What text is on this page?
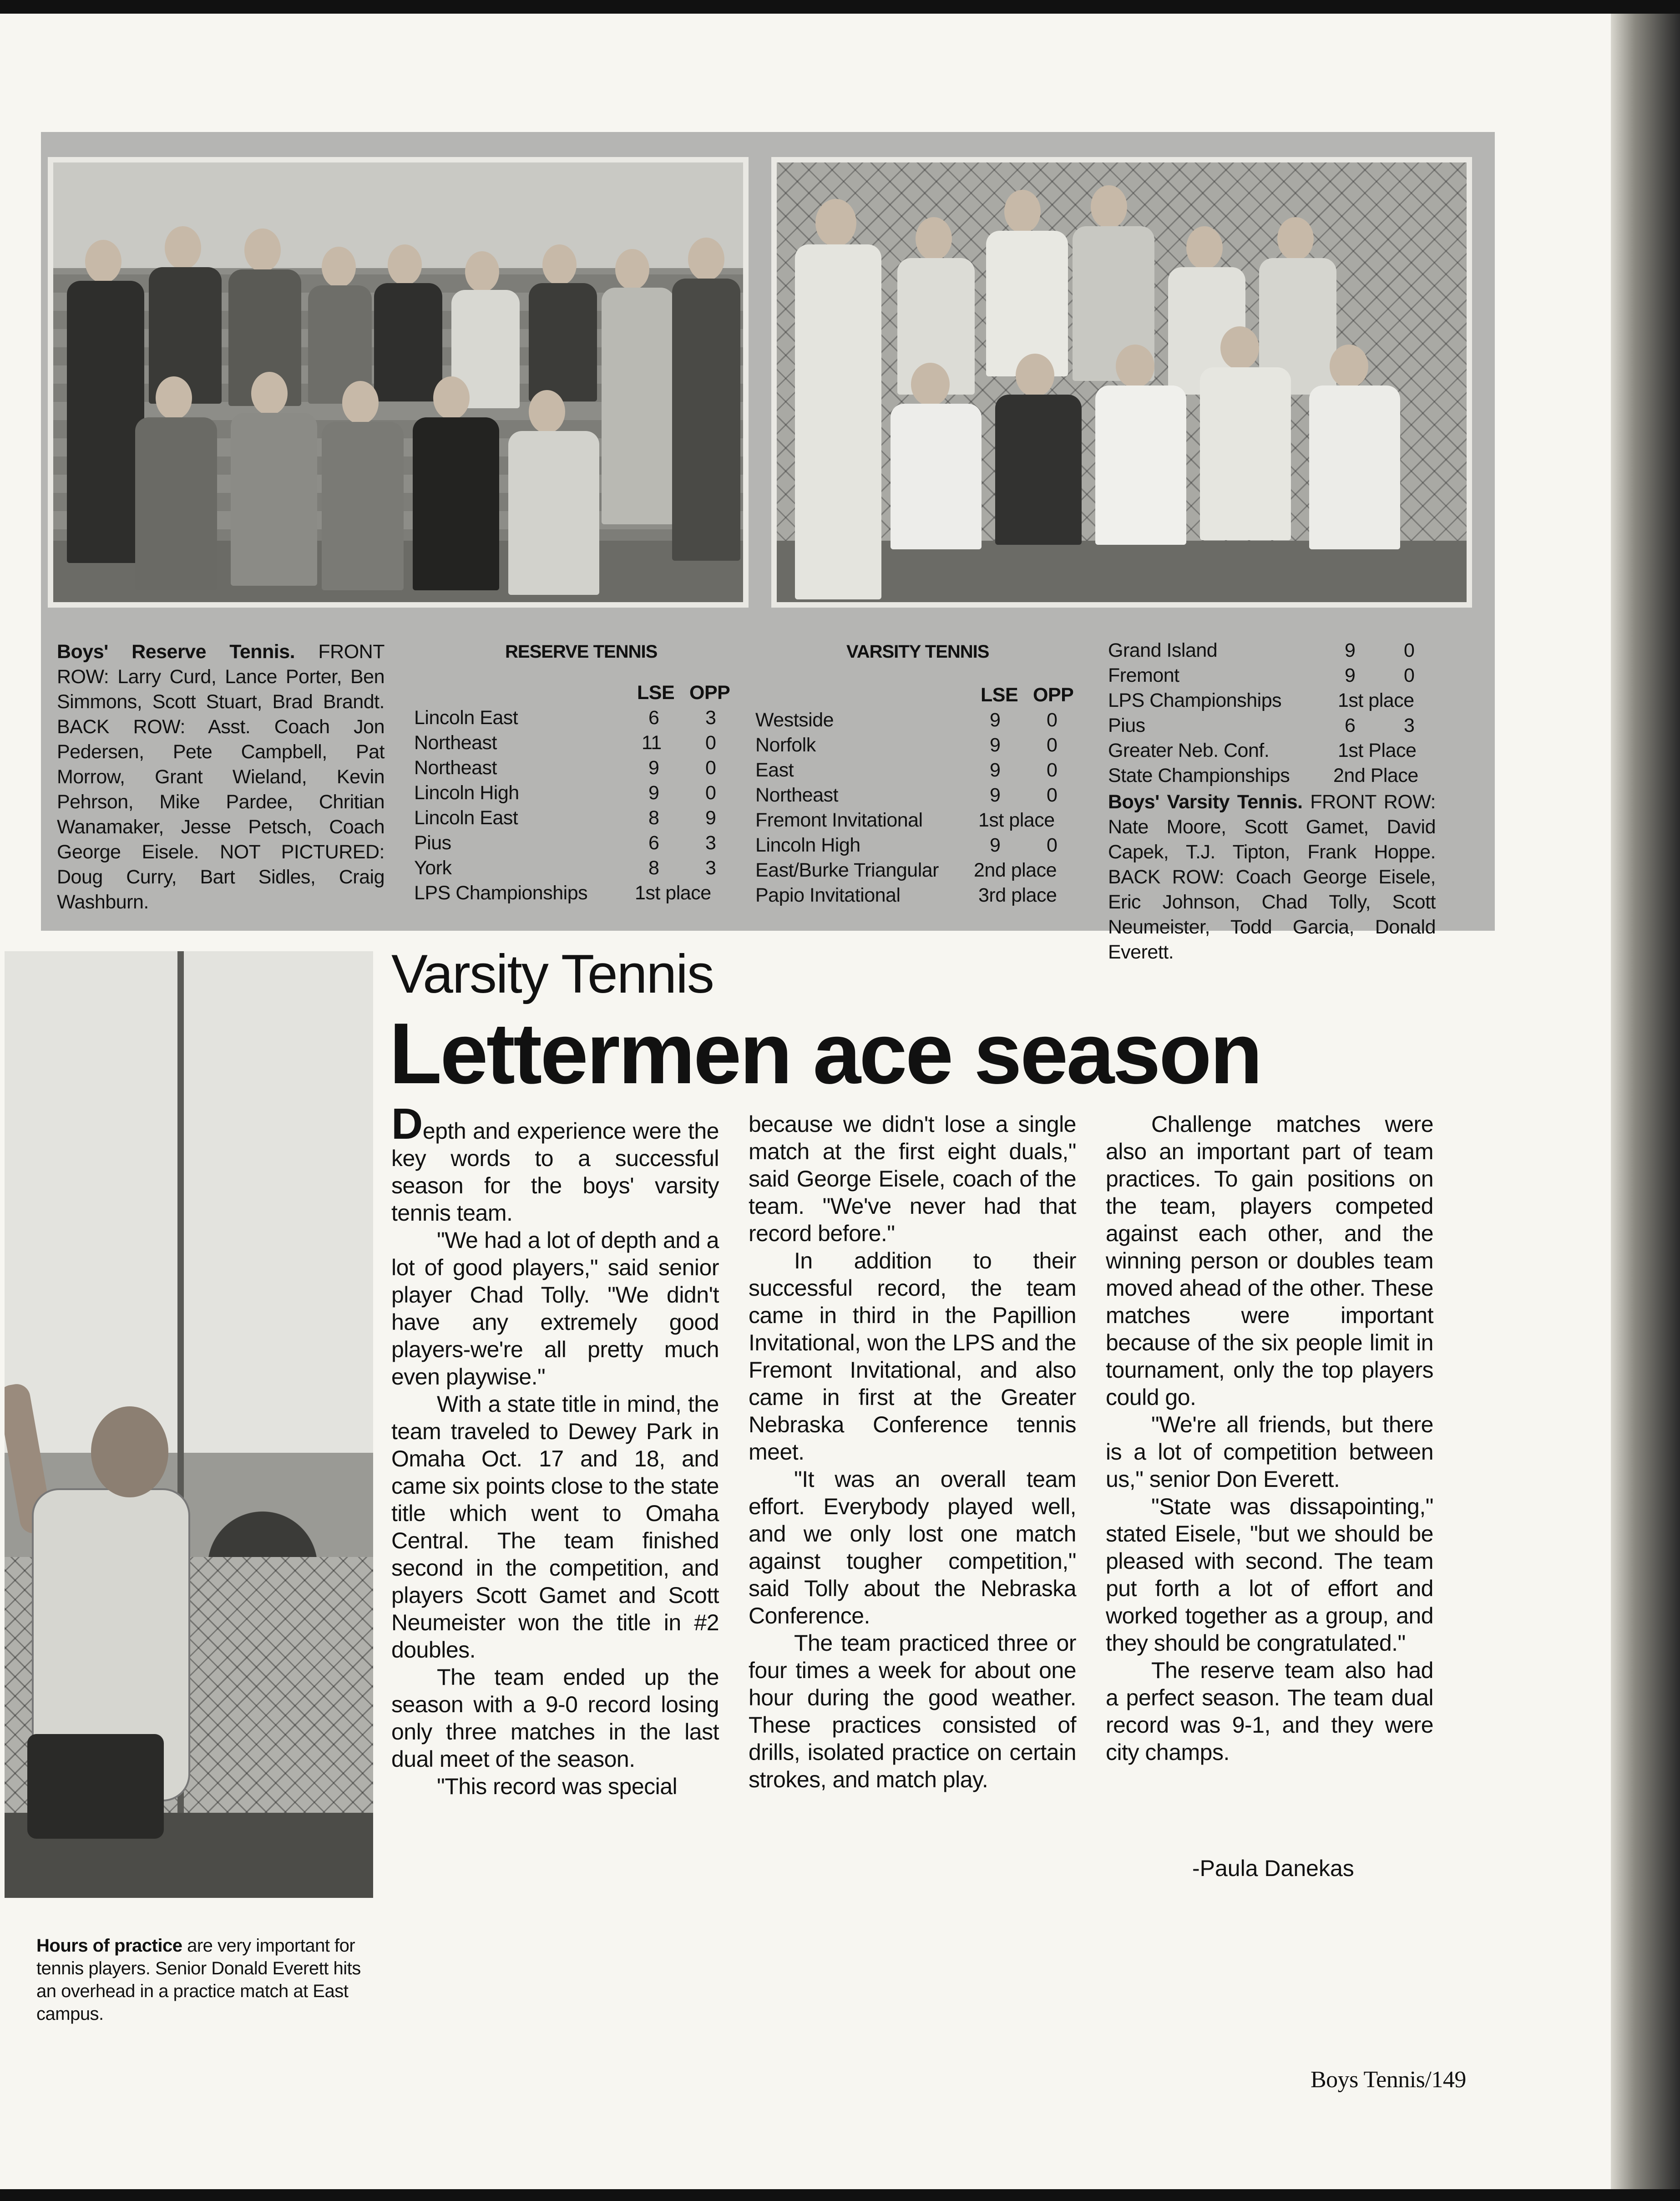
Boys' Reserve Tennis. FRONT ROW: Larry Curd, Lance Porter, Ben Simmons, Scott Stuart, Brad Brandt. BACK ROW: Asst. Coach Jon Pedersen, Pete Campbell, Pat Morrow, Grant Wieland, Kevin Pehrson, Mike Pardee, Chritian Wanamaker, Jesse Petsch, Coach George Eisele. NOT PICTURED: Doug Curry, Bart Sidles, Craig Washburn.
RESERVE TENNIS
LSE OPP
Lincoln East	6 3
Northeast	11 0
Northeast	9 0
Lincoln High	9 0
Lincoln East	8 9
Pius	6 3
York	8 3
LPS Championships 1st place
VARSITY TENNIS
LSE OPP
Westside	9 0
Norfolk	9 0
East	9 0
Northeast	9 0
Fremont Invitational	1st place
Lincoln High	9 0
East/Burke Triangular 2nd place
Papio Invitational	3rd place
Grand Island	9 0
Fremont	9 0
LPS Championships	1st place
Pius	6 3
Greater Neb. Conf.	1st Place
State Championships 2nd Place
Boys' Varsity Tennis. FRONT ROW: Nate Moore, Scott Gamet, David Capek, T.J. Tipton, Frank Hoppe. BACK ROW: Coach George Eisele, Eric Johnson, Chad Tolly, Scott Neumeister, Todd Garcia, Donald Everett.
Hours of practice are very important for tennis players. Senior Donald Everett hits an overhead in a practice match at East campus.
Varsity Tennis
Lettermen ace season

Depth and experience were the key words to a successful season for the boys' varsity tennis team.

"We had a lot of depth and a lot of good players," said senior player Chad Tolly. "We didn't have any extremely good players-we're all pretty much even playwise."

With a state title in mind, the team traveled to Dewey Park in Omaha Oct. 17 and 18, and came six points close to the state title which went to Omaha Central. The team finished second in the competition, and players Scott Gamet and Scott Neumeister won the title in #2 doubles.

The team ended up the season with a 9-0 record losing only three matches in the last dual meet of the season.

"This record was special

because we didn't lose a single match at the first eight duals," said George Eisele, coach of the team. "We've never had that record before."

In addition to their successful record, the team came in third in the Papillion Invitational, won the LPS and the Fremont Invitational, and also came in first at the Greater Nebraska Conference tennis meet.

"It was an overall team effort. Everybody played well, and we only lost one match against tougher competition," said Tolly about the Nebraska Conference.

The team practiced three or four times a week for about one hour during the good weather. These practices consisted of drills, isolated practice on certain strokes, and match play.

Challenge matches were also an important part of team practices. To gain positions on the team, players competed against each other, and the winning person or doubles team moved ahead of the other. These matches were important because of the six people limit in tournament, only the top players could go.

"We're all friends, but there is a lot of competition between us," senior Don Everett.

"State was dissapointing," stated Eisele, "but we should be pleased with second. The team put forth a lot of effort and worked together as a group, and they should be congratulated."

The reserve team also had a perfect season. The team dual record was 9-1, and they were city champs.

-Paula Danekas
Boys Tennis/149
